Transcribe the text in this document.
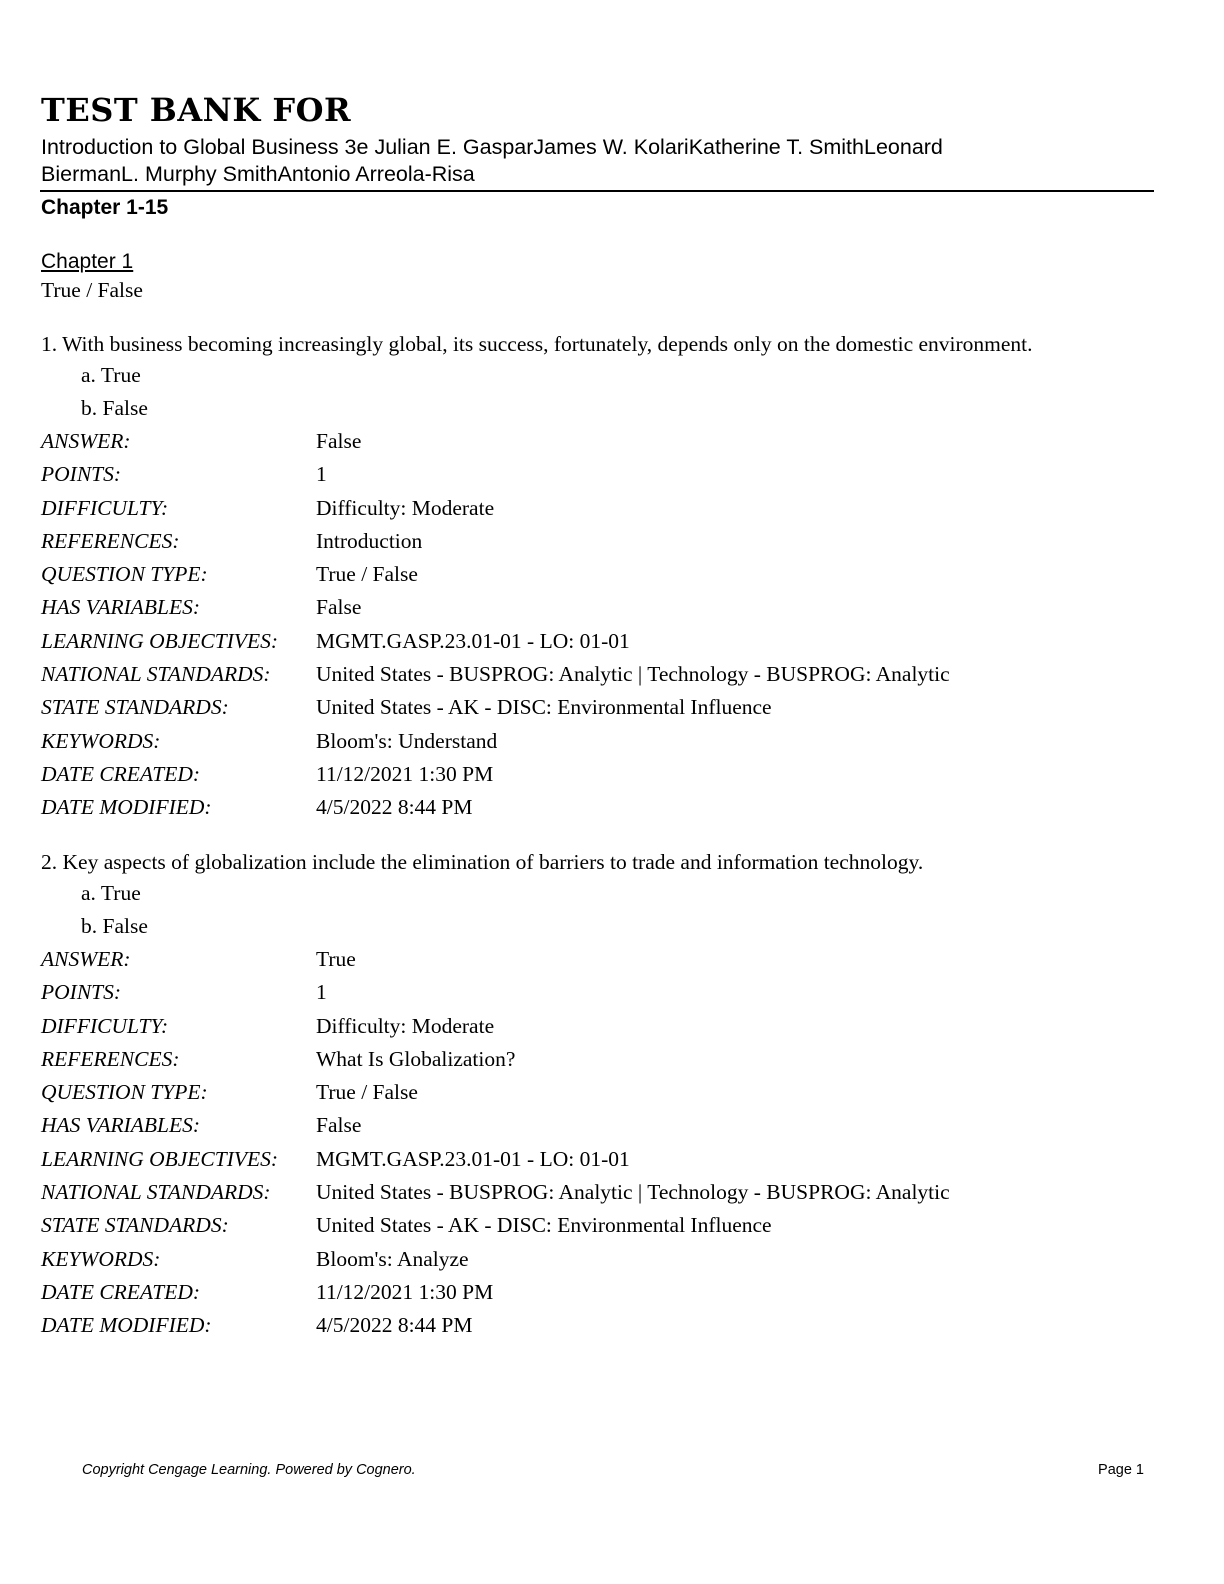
TEST BANK FOR
Introduction to Global Business 3e Julian E. GasparJames W. KolariKatherine T. SmithLeonard
BiermanL. Murphy SmithAntonio Arreola-Risa
Chapter 1-15
Chapter 1
True / False
1. With business becoming increasingly global, its success, fortunately, depends only on the domestic environment.
a. True
b. False
ANSWER:	False
POINTS:	1
DIFFICULTY:	Difficulty: Moderate
REFERENCES:	Introduction
QUESTION TYPE:	True / False
HAS VARIABLES:	False
LEARNING OBJECTIVES:	MGMT.GASP.23.01-01 - LO: 01-01
NATIONAL STANDARDS:	United States - BUSPROG: Analytic | Technology - BUSPROG: Analytic
STATE STANDARDS:	United States - AK - DISC: Environmental Influence
KEYWORDS:	Bloom's: Understand
DATE CREATED:	11/12/2021 1:30 PM
DATE MODIFIED:	4/5/2022 8:44 PM
2. Key aspects of globalization include the elimination of barriers to trade and information technology.
a. True
b. False
ANSWER:	True
POINTS:	1
DIFFICULTY:	Difficulty: Moderate
REFERENCES:	What Is Globalization?
QUESTION TYPE:	True / False
HAS VARIABLES:	False
LEARNING OBJECTIVES:	MGMT.GASP.23.01-01 - LO: 01-01
NATIONAL STANDARDS:	United States - BUSPROG: Analytic | Technology - BUSPROG: Analytic
STATE STANDARDS:	United States - AK - DISC: Environmental Influence
KEYWORDS:	Bloom's: Analyze
DATE CREATED:	11/12/2021 1:30 PM
DATE MODIFIED:	4/5/2022 8:44 PM
Copyright Cengage Learning. Powered by Cognero.	Page 1
